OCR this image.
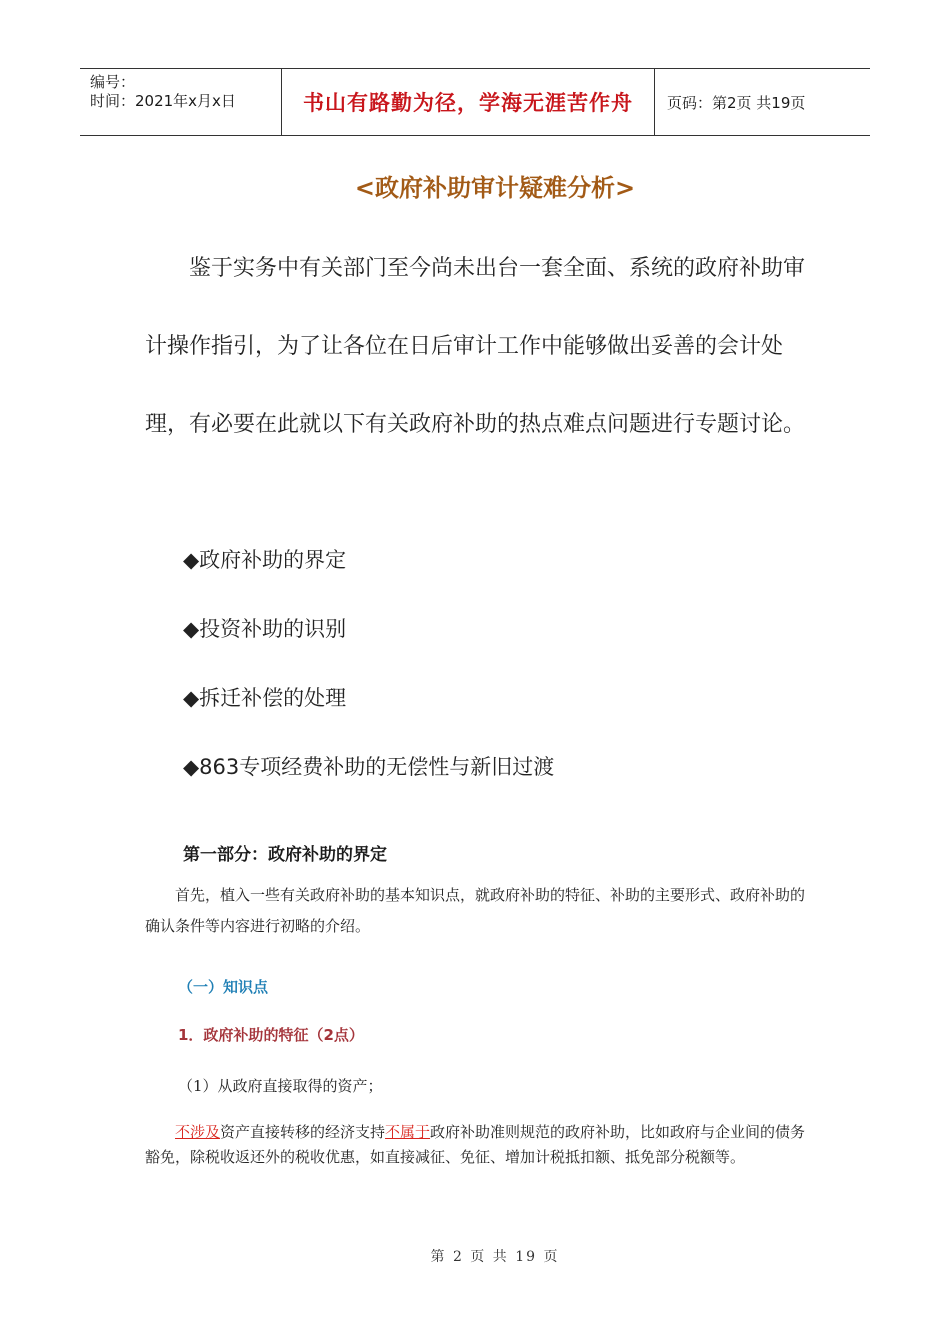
编号：
时间：2021年x月x日	书山有路勤为径，学海无涯苦作舟	页码：第2页 共19页
<政府补助审计疑难分析>

鉴于实务中有关部门至今尚未出台一套全面、系统的政府补助审计操作指引，为了让各位在日后审计工作中能够做出妥善的会计处理，有必要在此就以下有关政府补助的热点难点问题进行专题讨论。

◆政府补助的界定
◆投资补助的识别
◆拆迁补偿的处理
◆863专项经费补助的无偿性与新旧过渡
第一部分：政府补助的界定

首先，植入一些有关政府补助的基本知识点，就政府补助的特征、补助的主要形式、政府补助的确认条件等内容进行初略的介绍。

（一）知识点
1．政府补助的特征（2点）
（1）从政府直接取得的资产；

不涉及资产直接转移的经济支持不属于政府补助准则规范的政府补助，比如政府与企业间的债务豁免，除税收返还外的税收优惠，如直接减征、免征、增加计税抵扣额、抵免部分税额等。

第 2 页 共 19 页
